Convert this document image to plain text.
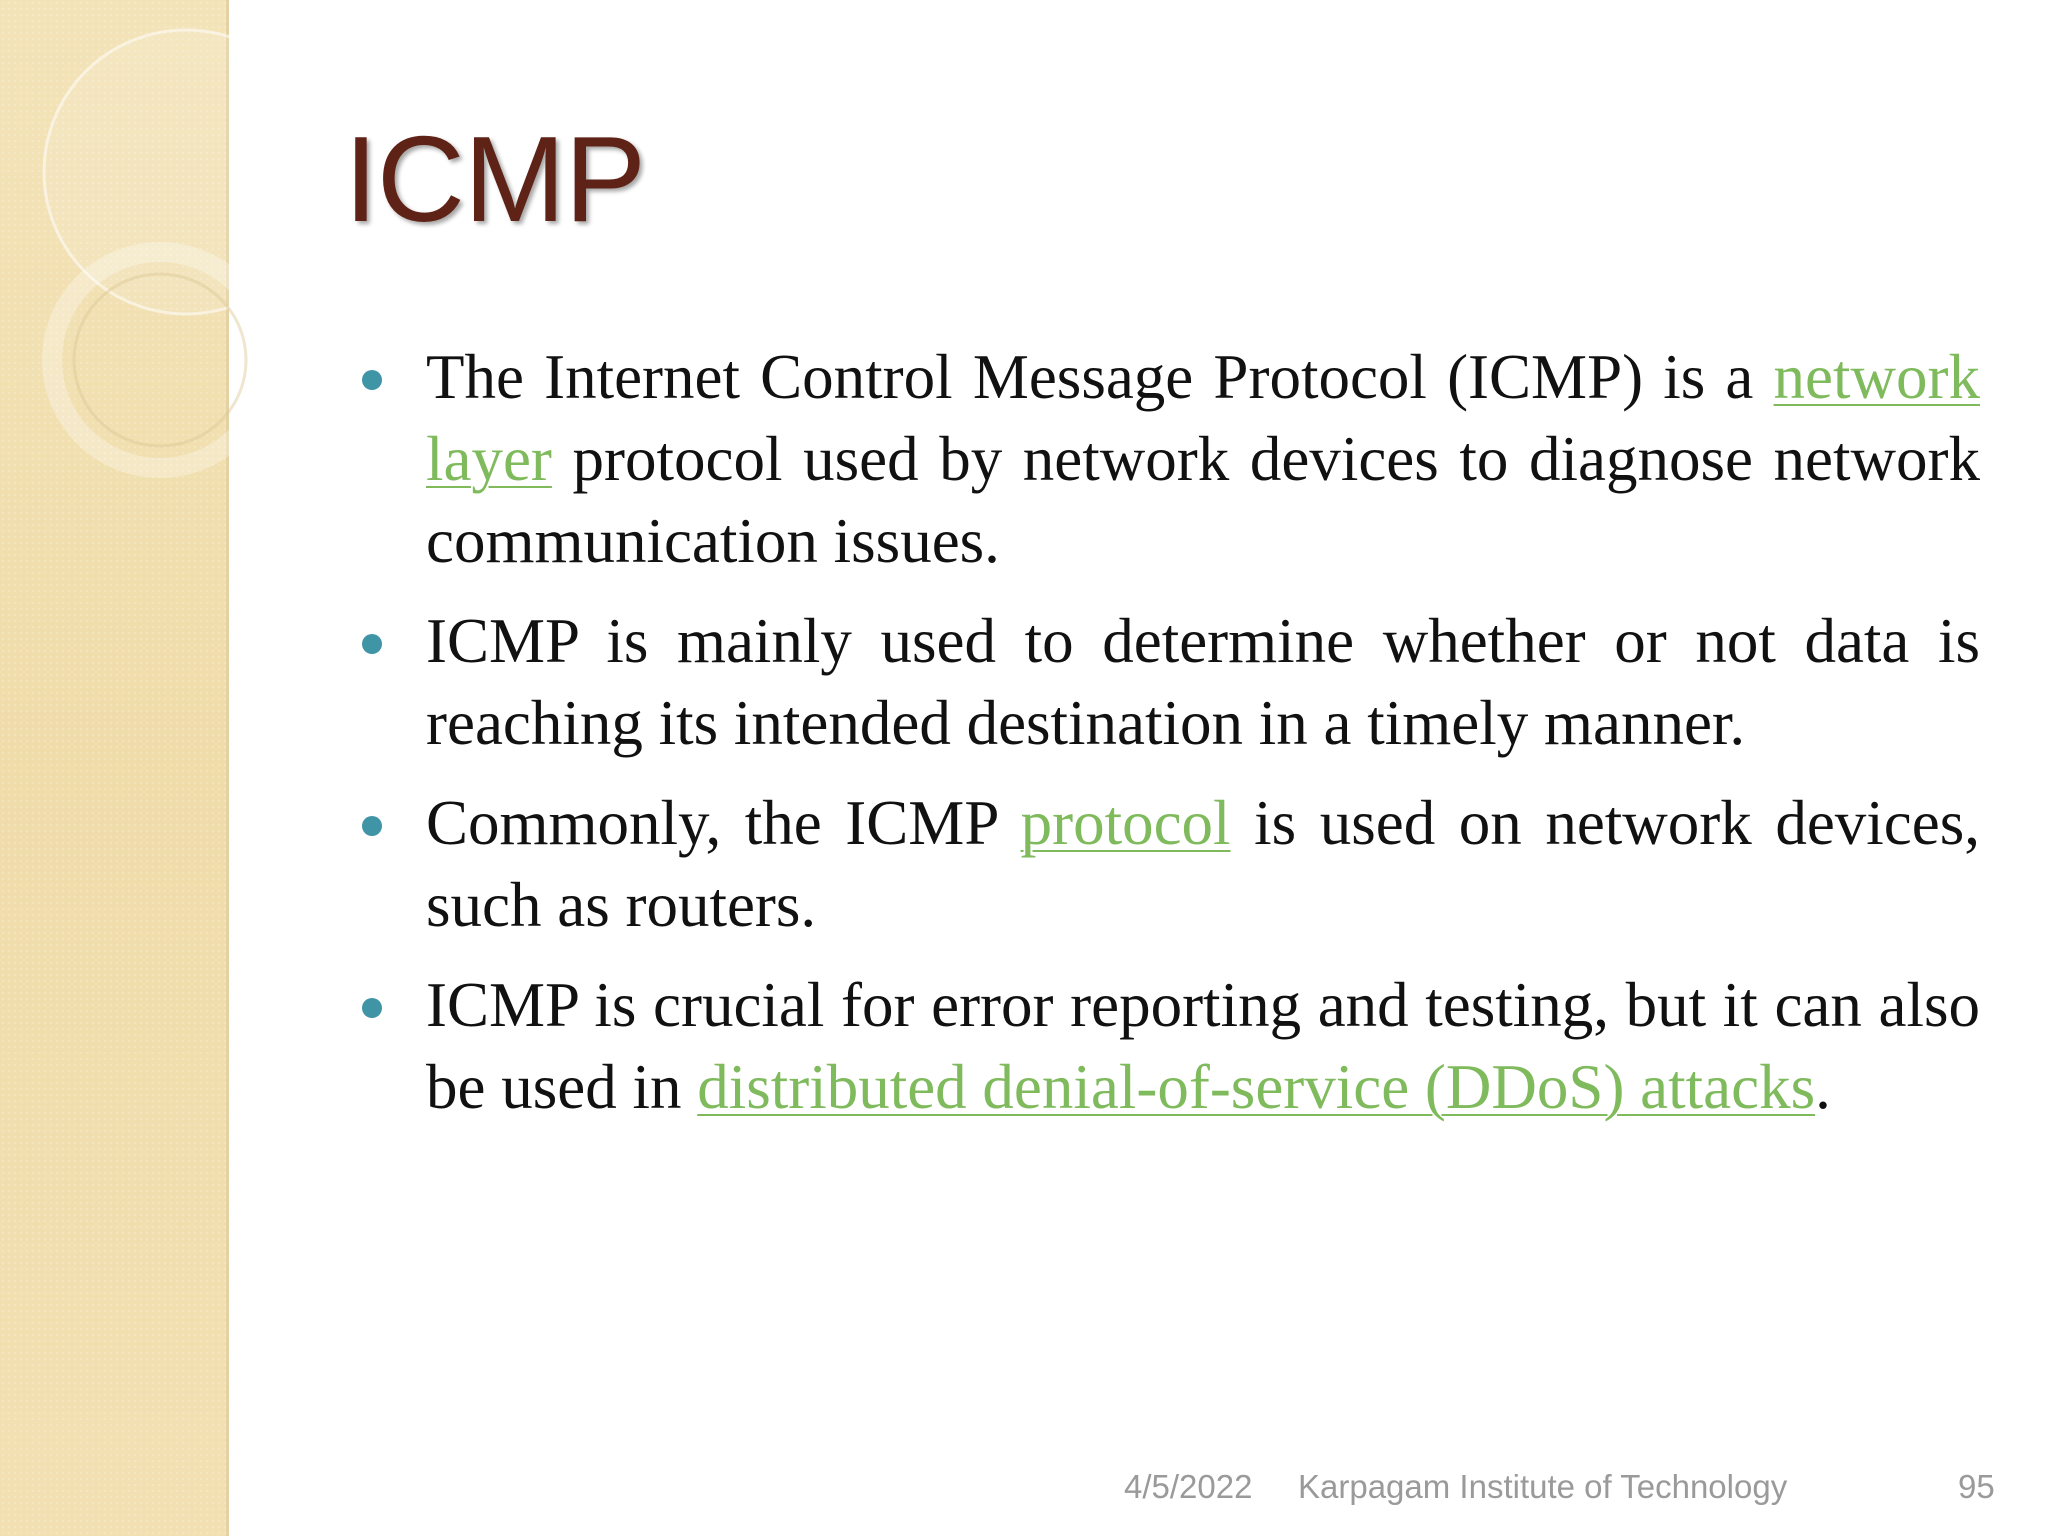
ICMP
The Internet Control Message Protocol (ICMP) is a network layer protocol used by network devices to diagnose network communication issues.
ICMP is mainly used to determine whether or not data is reaching its intended destination in a timely manner.
Commonly, the ICMP protocol is used on network devices, such as routers.
ICMP is crucial for error reporting and testing, but it can also be used in distributed denial-of-service (DDoS) attacks.
4/5/2022 Karpagam Institute of Technology	95
